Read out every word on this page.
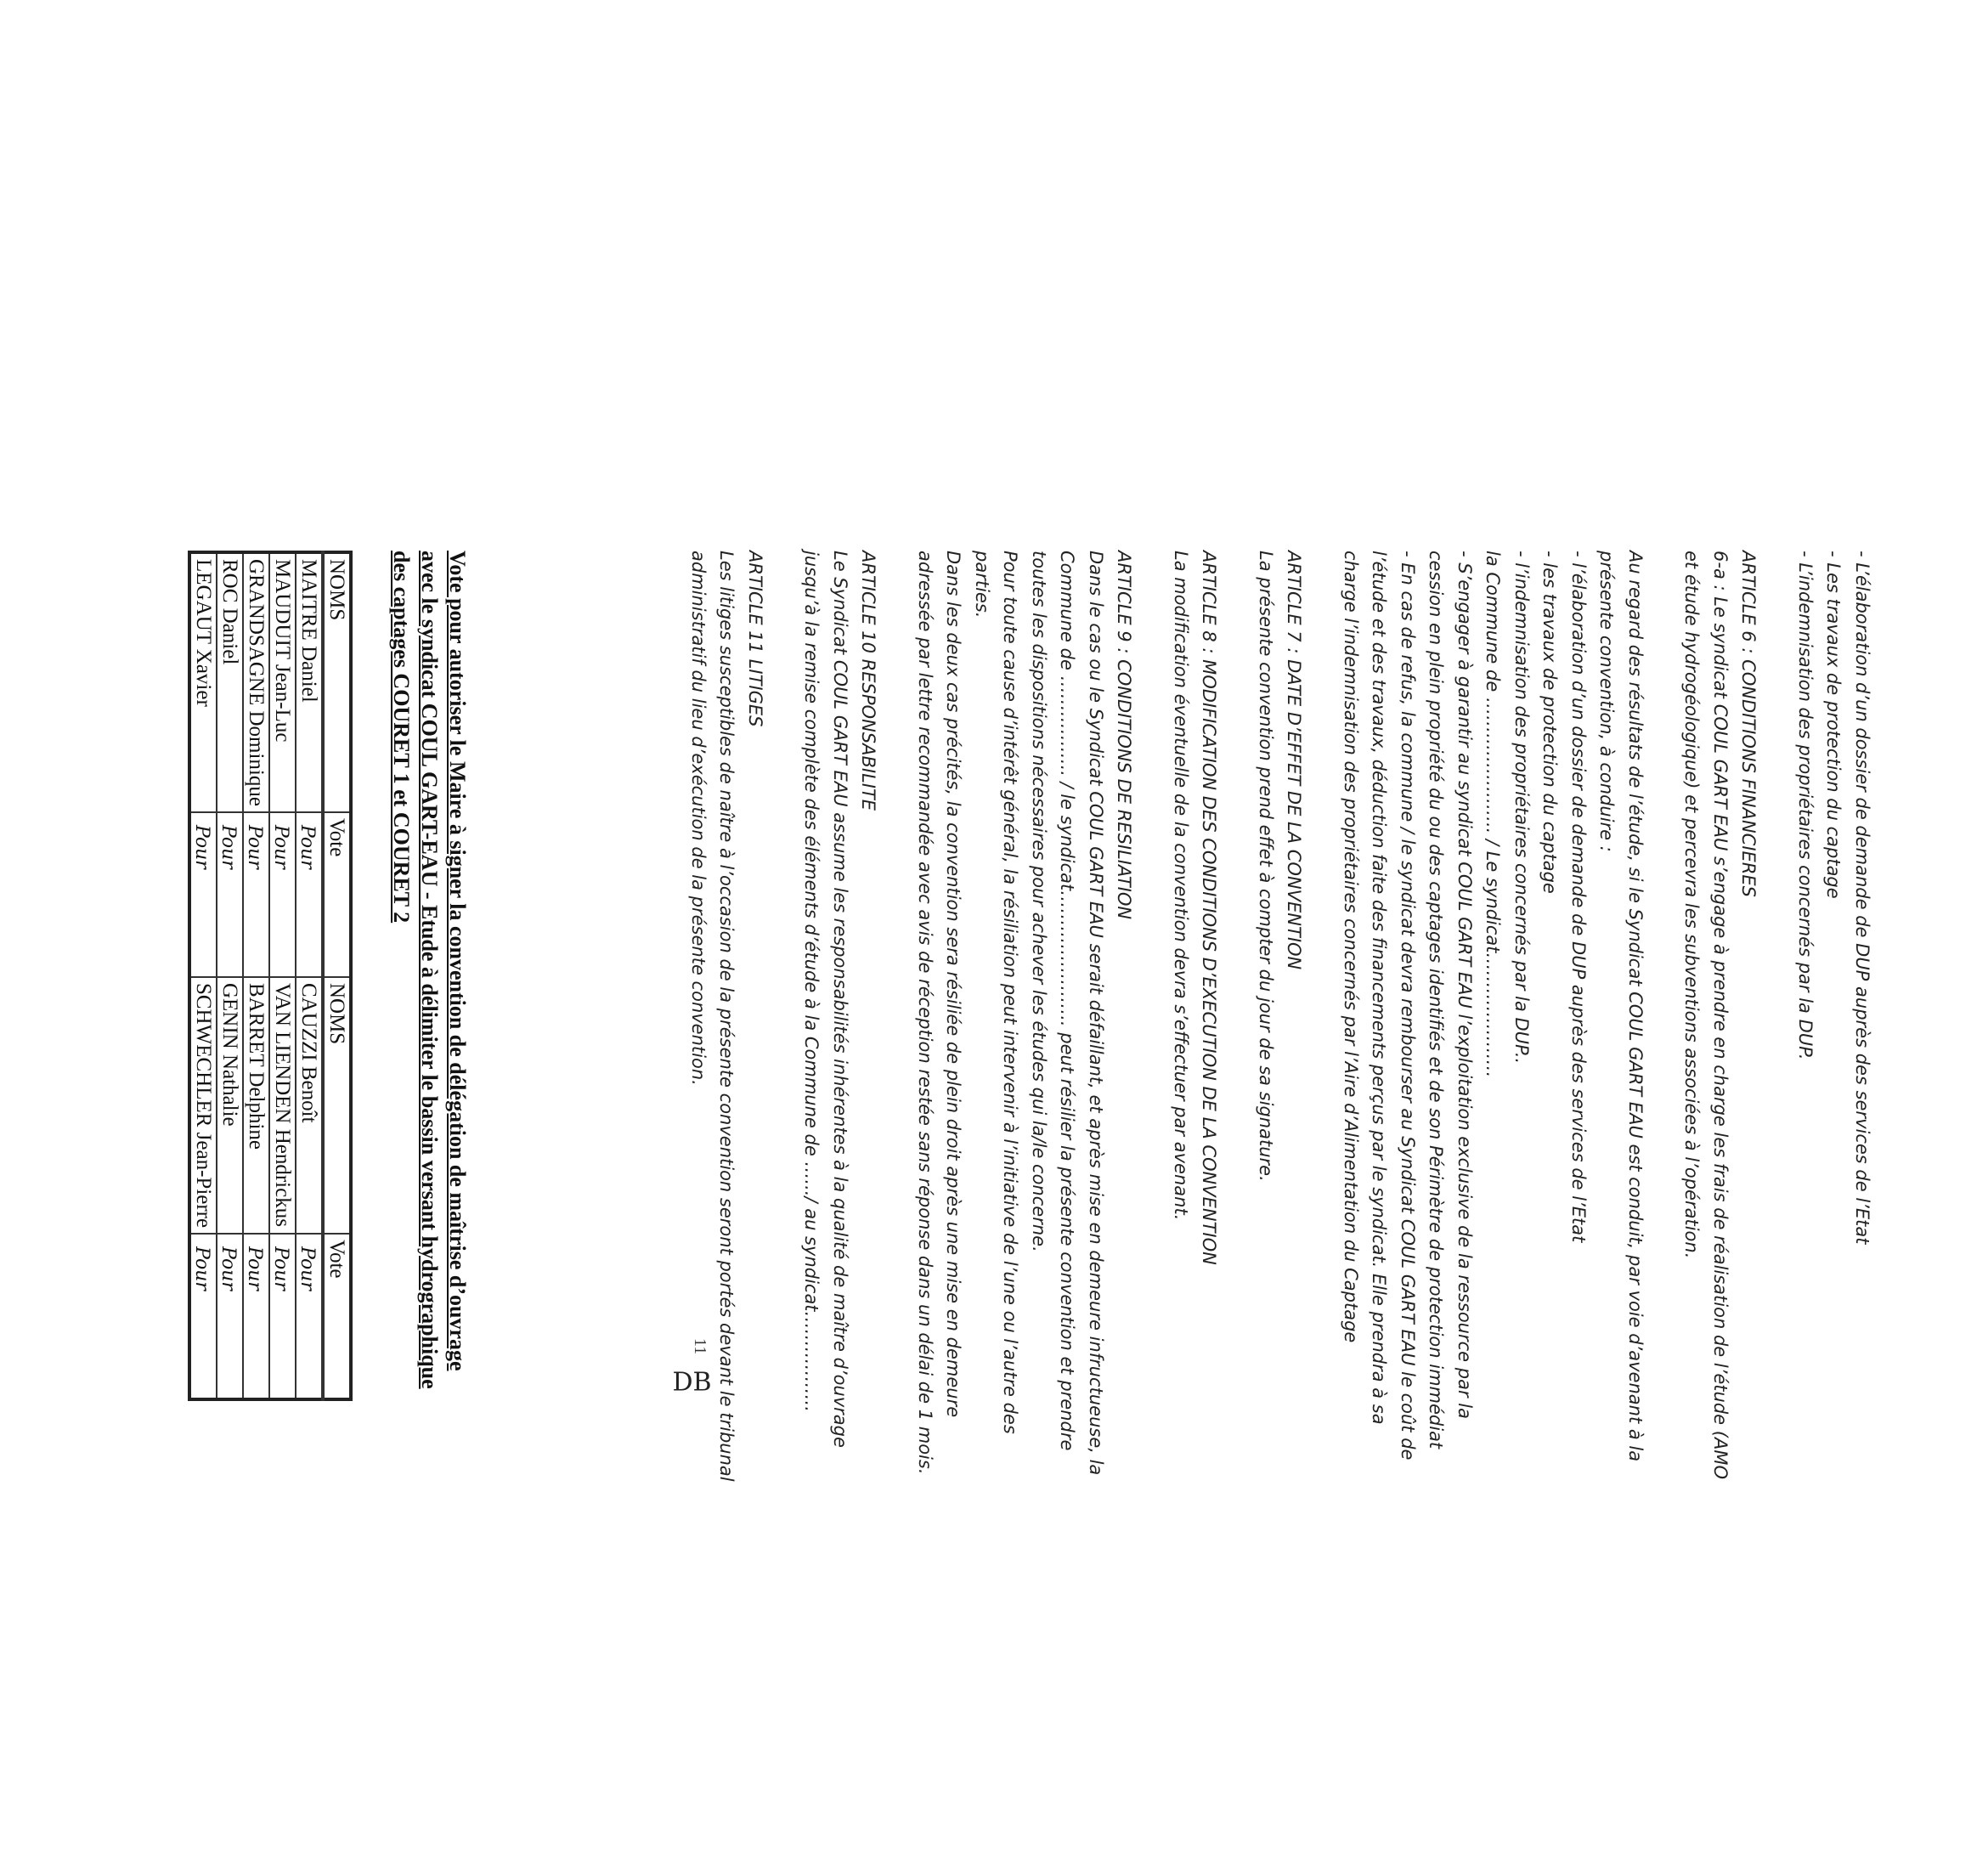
- L’élaboration d’un dossier de demande de DUP auprès des services de l’Etat

- Les travaux de protection du captage

- L’indemnisation des propriétaires concernés par la DUP.

ARTICLE 6 : CONDITIONS FINANCIERES

6-a : Le syndicat COUL GART EAU s’engage à prendre en charge les frais de réalisation de l’étude (AMO

et étude hydrogéologique) et percevra les subventions associées à l’opération.

Au regard des résultats de l’étude, si le Syndicat COUL GART EAU est conduit, par voie d’avenant à la

présente convention, à conduire :

- l’élaboration d’un dossier de demande de DUP auprès des services de l’Etat

- les travaux de protection du captage

- l’indemnisation des propriétaires concernés par la DUP..

la Commune de ………………….. / Le syndicat…………………

- S’engager à garantir au syndicat COUL GART EAU l’exploitation exclusive de la ressource par la

cession en plein propriété du ou des captages identifiés et de son Périmètre de protection immédiat

- En cas de refus, la commune / le syndicat devra rembourser au Syndicat COUL GART EAU le coût de

l’étude et des travaux, déduction faite des financements perçus par le syndicat. Elle prendra à sa

charge l’indemnisation des propriétaires concernés par l’Aire d’Alimentation du Captage

ARTICLE 7 : DATE D’EFFET DE LA CONVENTION

La présente convention prend effet à compter du jour de sa signature.

ARTICLE 8 : MODIFICATION DES CONDITIONS D’EXECUTION DE LA CONVENTION

La modification éventuelle de la convention devra s’effectuer par avenant.

ARTICLE 9 : CONDITIONS DE RESILIATION

Dans le cas ou le Syndicat COUL GART EAU serait défaillant, et après mise en demeure infructueuse, la

Commune de …………….. / le syndicat………………….. peut résilier la présente convention et prendre

toutes les dispositions nécessaires pour achever les études qui la/le concerne.

Pour toute cause d’intérêt général, la résiliation peut intervenir à l’initiative de l’une ou l’autre des

parties.

Dans les deux cas précités, la convention sera résiliée de plein droit après une mise en demeure

adressée par lettre recommandée avec avis de réception restée sans réponse dans un délai de 1 mois.

ARTICLE 10 RESPONSABILITE

Le Syndicat COUL GART EAU assume les responsabilités inhérentes à la qualité de maître d’ouvrage

jusqu’à la remise complète des éléments d’étude à la Commune de ….../ au syndicat……………..

ARTICLE 11 LITIGES

Les litiges susceptibles de naître à l’occasion de la présente convention seront portés devant le tribunal

administratif du lieu d’exécution de la présente convention.

Vote pour autoriser le Maire à signer la convention de délégation de maîtrise d’ouvrage

avec le syndicat COUL GART-EAU - Etude à délimiter le bassin versant hydrographique

des captages COURET 1 et COURET 2

NOMS	Vote	NOMS	Vote
MAITRE Daniel	Pour	CAUZZI Benoît	Pour
MAUDUIT Jean-Luc	Pour	VAN LIENDEN Hendrickus	Pour
GRANDSAGNE Dominique	Pour	BARRET Delphine	Pour
ROC Daniel	Pour	GENIN Nathalie	Pour
LEGAUT Xavier	Pour	SCHWECHLER Jean-Pierre	Pour
11
DB
